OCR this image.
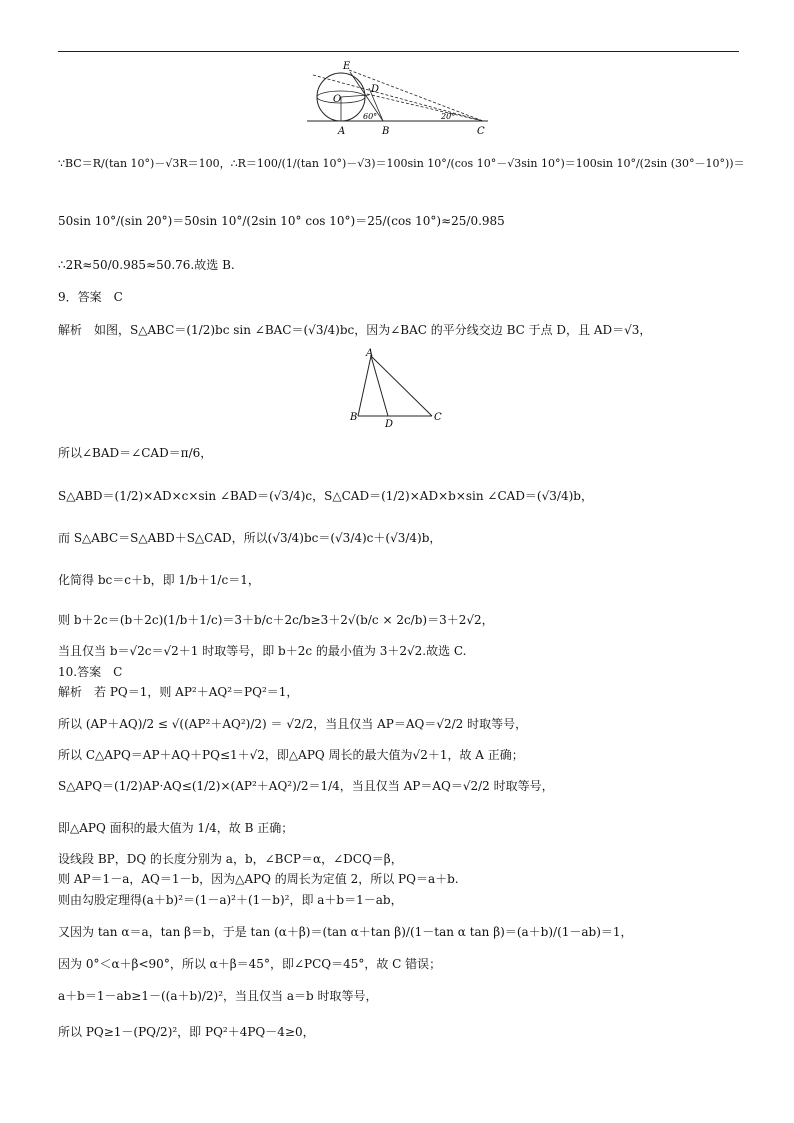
E
D
O
A	B	C
60°	20°
A
B	C
D
∵BC＝R/(tan 10°)－√3R＝100，∴R＝100/(1/(tan 10°)－√3)＝100sin 10°/(cos 10°－√3sin 10°)＝100sin 10°/(2sin (30°－10°))＝
50sin 10°/(sin 20°)＝50sin 10°/(2sin 10° cos 10°)＝25/(cos 10°)≈25/0.985
∴2R≈50/0.985≈50.76.故选 B.
9．答案　C
解析　如图，S△ABC＝(1/2)bc sin ∠BAC＝(√3/4)bc，因为∠BAC 的平分线交边 BC 于点 D，且 AD＝√3，
所以∠BAD＝∠CAD＝π/6，
S△ABD＝(1/2)×AD×c×sin ∠BAD＝(√3/4)c，S△CAD＝(1/2)×AD×b×sin ∠CAD＝(√3/4)b，
而 S△ABC＝S△ABD＋S△CAD，所以(√3/4)bc＝(√3/4)c＋(√3/4)b，
化简得 bc＝c＋b，即 1/b＋1/c＝1，
则 b＋2c＝(b＋2c)(1/b＋1/c)＝3＋b/c＋2c/b≥3＋2√(b/c × 2c/b)＝3＋2√2，
当且仅当 b＝√2c＝√2＋1 时取等号，即 b＋2c 的最小值为 3＋2√2.故选 C.
10.答案　C
解析　若 PQ＝1，则 AP²＋AQ²＝PQ²＝1，
所以 (AP＋AQ)/2 ≤ √((AP²＋AQ²)/2) ＝ √2/2，当且仅当 AP＝AQ＝√2/2 时取等号，
所以 C△APQ＝AP＋AQ＋PQ≤1＋√2，即△APQ 周长的最大值为√2＋1，故 A 正确；
S△APQ＝(1/2)AP·AQ≤(1/2)×(AP²＋AQ²)/2＝1/4，当且仅当 AP＝AQ＝√2/2 时取等号，
即△APQ 面积的最大值为 1/4，故 B 正确；
设线段 BP，DQ 的长度分别为 a，b，∠BCP＝α，∠DCQ＝β，
则 AP＝1－a，AQ＝1－b，因为△APQ 的周长为定值 2，所以 PQ＝a＋b.
则由勾股定理得(a＋b)²＝(1－a)²＋(1－b)²，即 a＋b＝1－ab，
又因为 tan α＝a，tan β＝b，于是 tan (α＋β)＝(tan α＋tan β)/(1－tan α tan β)＝(a＋b)/(1－ab)＝1，
因为 0°＜α＋β<90°，所以 α＋β＝45°，即∠PCQ＝45°，故 C 错误；
a＋b＝1－ab≥1－((a＋b)/2)²，当且仅当 a＝b 时取等号，
所以 PQ≥1－(PQ/2)²，即 PQ²＋4PQ－4≥0，
